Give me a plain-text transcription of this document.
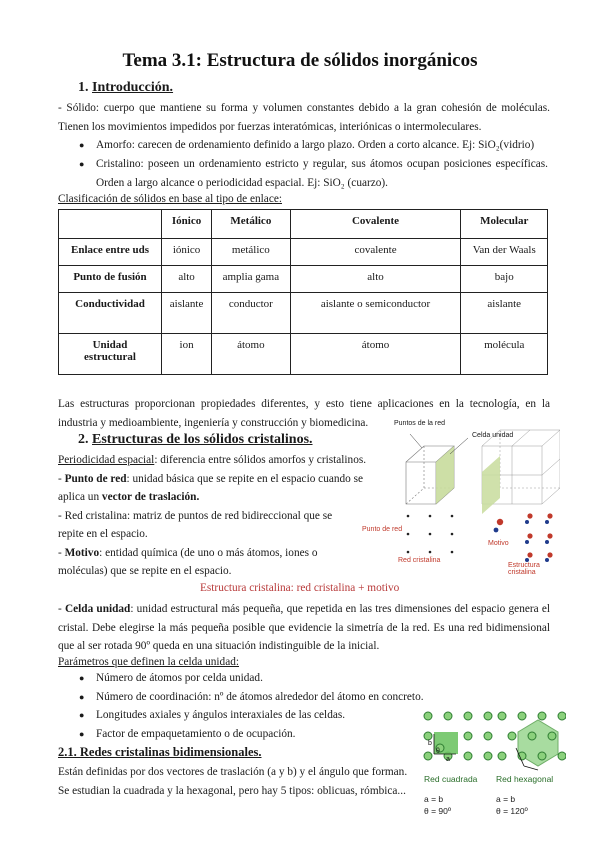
Tema 3.1: Estructura de sólidos inorgánicos
1. Introducción.
- Sólido: cuerpo que mantiene su forma y volumen constantes debido a la gran cohesión de moléculas. Tienen los movimientos impedidos por fuerzas interatómicas, interiónicas o intermoleculares.
● Amorfo: carecen de ordenamiento definido a largo plazo. Orden a corto alcance. Ej: SiO₂(vidrio)
● Cristalino: poseen un ordenamiento estricto y regular, sus átomos ocupan posiciones específicas. Orden a largo alcance o periodicidad espacial. Ej: SiO₂ (cuarzo).
Clasificación de sólidos en base al tipo de enlace:
	Iónico	Metálico	Covalente	Molecular
Enlace entre uds	iónico	metálico	covalente	Van der Waals
Punto de fusión	alto	amplia gama	alto	bajo
Conductividad	aislante	conductor	aislante o semiconductor	aislante
Unidad estructural	ion	átomo	átomo	molécula
Las estructuras proporcionan propiedades diferentes, y esto tiene aplicaciones en la tecnología, en la industria y medioambiente, ingeniería y construcción y biomedicina.
2. Estructuras de los sólidos cristalinos.
Periodicidad espacial: diferencia entre sólidos amorfos y cristalinos.
- Punto de red: unidad básica que se repite en el espacio cuando se
aplica un vector de traslación.
- Red cristalina: matriz de puntos de red bidireccional que se
repite en el espacio.
- Motivo: entidad química (de uno o más átomos, iones o
moléculas) que se repite en el espacio.
Estructura cristalina: red cristalina + motivo
- Celda unidad: unidad estructural más pequeña, que repetida en las tres dimensiones del espacio genera el cristal. Debe elegirse la más pequeña posible que evidencie la simetría de la red. Es una red bidimensional que al ser rotada 90º queda en una situación indistinguible de la inicial.
Parámetros que definen la celda unidad:
● Número de átomos por celda unidad.
● Número de coordinación: nº de átomos alrededor del átomo en concreto.
● Longitudes axiales y ángulos interaxiales de las celdas.
● Factor de empaquetamiento o de ocupación.
2.1. Redes cristalinas bidimensionales.
Están definidas por dos vectores de traslación (a y b) y el ángulo que forman.
Se estudian la cuadrada y la hexagonal, pero hay 5 tipos: oblicuas, rómbica...
Puntos de la red
Celda unidad
Punto de red
Red cristalina
Motivo
Estructura cristalina
Red cuadrada Red hexagonal
a = b
θ = 90º
a = b
θ = 120º
a
b
θ
